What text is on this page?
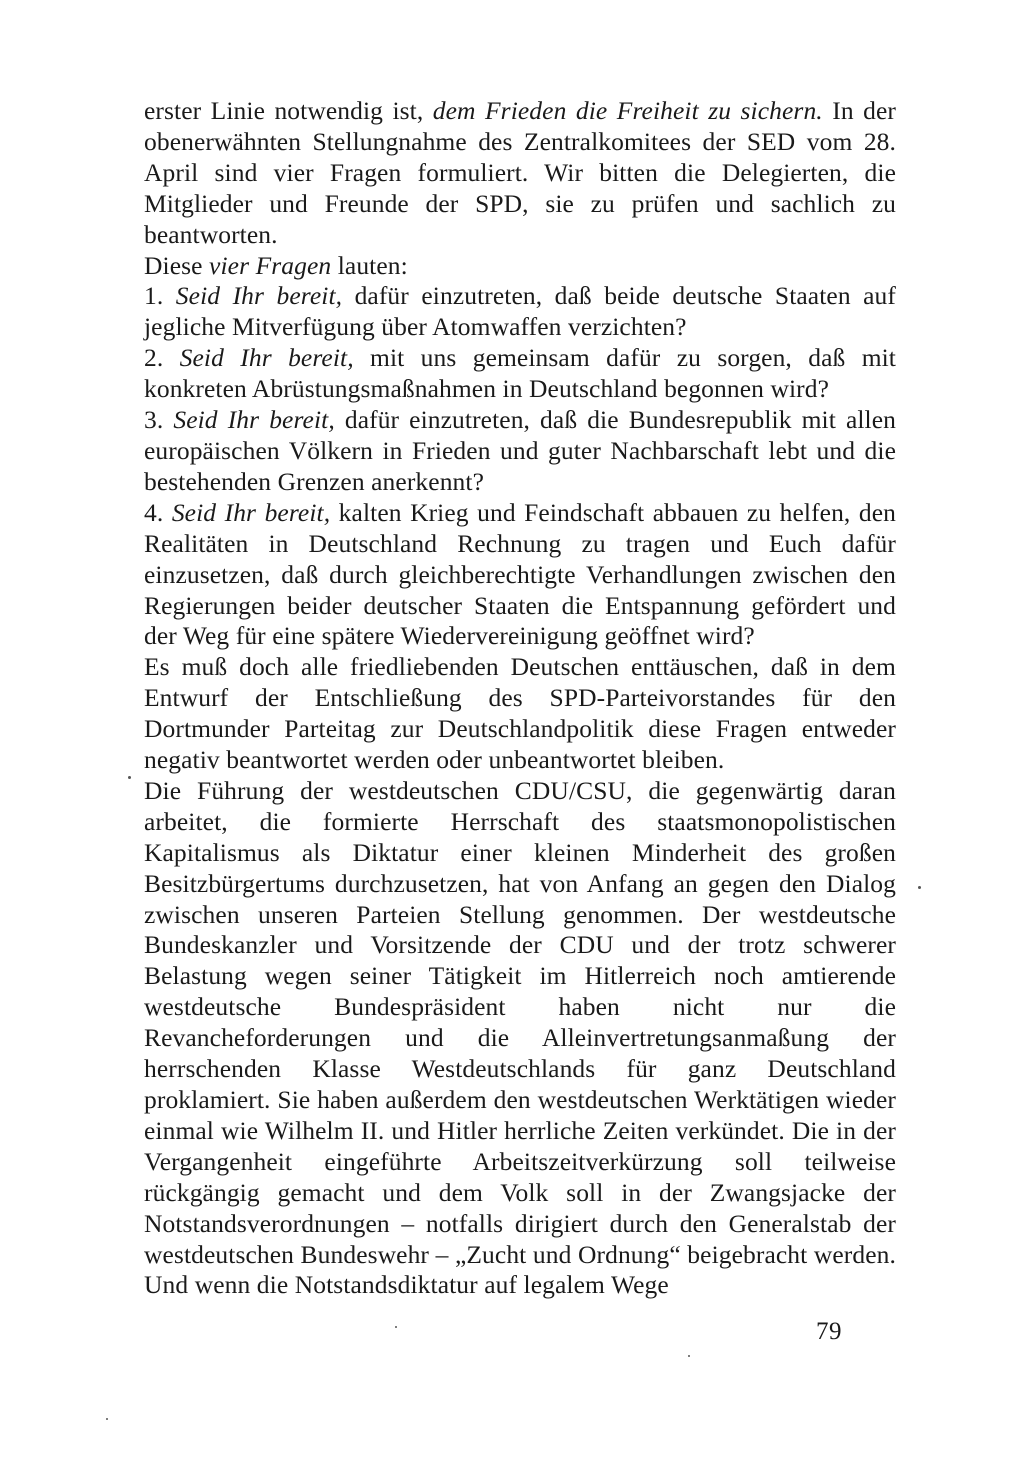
erster Linie notwendig ist, dem Frieden die Freiheit zu sichern. In der obenerwähnten Stellungnahme des Zentralkomitees der SED vom 28. April sind vier Fragen formuliert. Wir bitten die Delegierten, die Mitglieder und Freunde der SPD, sie zu prüfen und sachlich zu beantworten.

Diese vier Fragen lauten:

1. Seid Ihr bereit, dafür einzutreten, daß beide deutsche Staaten auf jegliche Mitverfügung über Atomwaffen verzichten?

2. Seid Ihr bereit, mit uns gemeinsam dafür zu sorgen, daß mit konkreten Abrüstungsmaßnahmen in Deutschland begonnen wird?

3. Seid Ihr bereit, dafür einzutreten, daß die Bundesrepublik mit allen europäischen Völkern in Frieden und guter Nachbarschaft lebt und die bestehenden Grenzen anerkennt?

4. Seid Ihr bereit, kalten Krieg und Feindschaft abbauen zu helfen, den Realitäten in Deutschland Rechnung zu tragen und Euch dafür einzusetzen, daß durch gleichberechtigte Verhandlungen zwischen den Regierungen beider deutscher Staaten die Entspannung gefördert und der Weg für eine spätere Wiedervereinigung geöffnet wird?

Es muß doch alle friedliebenden Deutschen enttäuschen, daß in dem Entwurf der Entschließung des SPD-Parteivorstandes für den Dortmunder Parteitag zur Deutschlandpolitik diese Fragen entweder negativ beantwortet werden oder unbeantwortet bleiben.

Die Führung der westdeutschen CDU/CSU, die gegenwärtig daran arbeitet, die formierte Herrschaft des staatsmonopolistischen Kapitalismus als Diktatur einer kleinen Minderheit des großen Besitzbürgertums durchzusetzen, hat von Anfang an gegen den Dialog zwischen unseren Parteien Stellung genommen. Der westdeutsche Bundeskanzler und Vorsitzende der CDU und der trotz schwerer Belastung wegen seiner Tätigkeit im Hitlerreich noch amtierende westdeutsche Bundespräsident haben nicht nur die Revancheforderungen und die Alleinvertretungsanmaßung der herrschenden Klasse Westdeutschlands für ganz Deutschland proklamiert. Sie haben außerdem den westdeutschen Werktätigen wieder einmal wie Wilhelm II. und Hitler herrliche Zeiten verkündet. Die in der Vergangenheit eingeführte Arbeitszeitverkürzung soll teilweise rückgängig gemacht und dem Volk soll in der Zwangsjacke der Notstandsverordnungen – notfalls dirigiert durch den Generalstab der westdeutschen Bundeswehr – „Zucht und Ordnung“ beigebracht werden. Und wenn die Notstandsdiktatur auf legalem Wege

79
